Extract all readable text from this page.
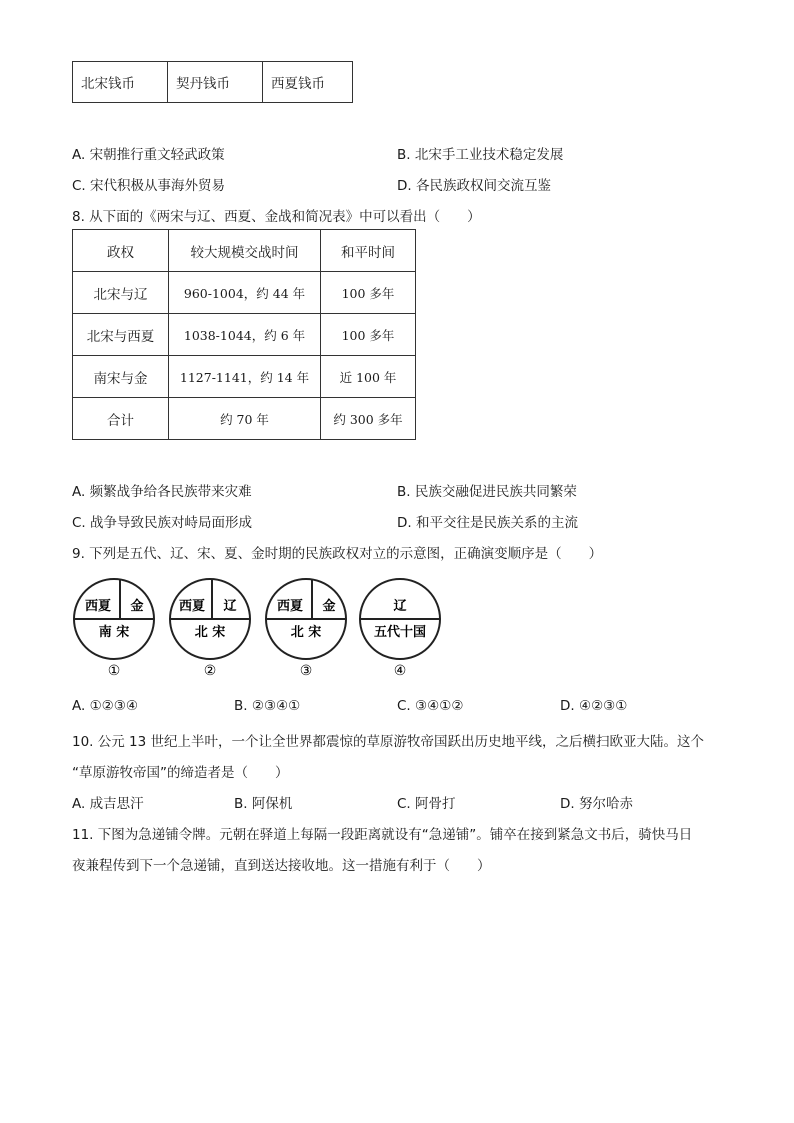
北宋钱币	契丹钱币	西夏钱币
A. 宋朝推行重文轻武政策	B. 北宋手工业技术稳定发展
C. 宋代积极从事海外贸易	D. 各民族政权间交流互鉴
8. 从下面的《两宋与辽、西夏、金战和简况表》中可以看出（　　）
政权	较大规模交战时间	和平时间
北宋与辽	960-1004，约 44 年	100 多年
北宋与西夏	1038-1044，约 6 年	100 多年
南宋与金	1127-1141，约 14 年	近 100 年
合计	约 70 年	约 300 多年
A. 频繁战争给各民族带来灾难	B. 民族交融促进民族共同繁荣
C. 战争导致民族对峙局面形成	D. 和平交往是民族关系的主流
9. 下列是五代、辽、宋、夏、金时期的民族政权对立的示意图，正确演变顺序是（　　）
西夏 金
南 宋
①
西夏 辽
北 宋
②
西夏 金
北 宋
③
辽
五代十国
④
A. ①②③④	B. ②③④①	C. ③④①②	D. ④②③①
10. 公元 13 世纪上半叶，一个让全世界都震惊的草原游牧帝国跃出历史地平线，之后横扫欧亚大陆。这个
“草原游牧帝国”的缔造者是（　　）
A. 成吉思汗	B. 阿保机	C. 阿骨打	D. 努尔哈赤
11. 下图为急递铺令牌。元朝在驿道上每隔一段距离就设有“急递铺”。铺卒在接到紧急文书后，骑快马日
夜兼程传到下一个急递铺，直到送达接收地。这一措施有利于（　　）
